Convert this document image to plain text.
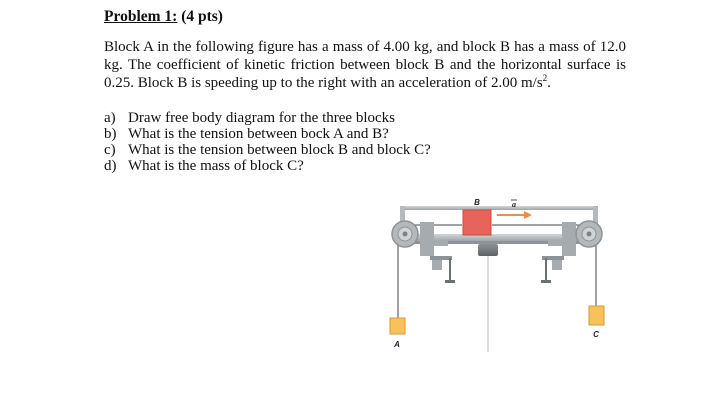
Problem 1: (4 pts)
Block A in the following figure has a mass of 4.00 kg, and block B has a mass of 12.0 kg. The coefficient of kinetic friction between block B and the horizontal surface is 0.25. Block B is speeding up to the right with an acceleration of 2.00 $m/s^2$.
a) Draw free body diagram for the three blocks
b) What is the tension between bock A and B?
c) What is the tension between block B and block C?
d) What is the mass of block C?
B	a
A
C
